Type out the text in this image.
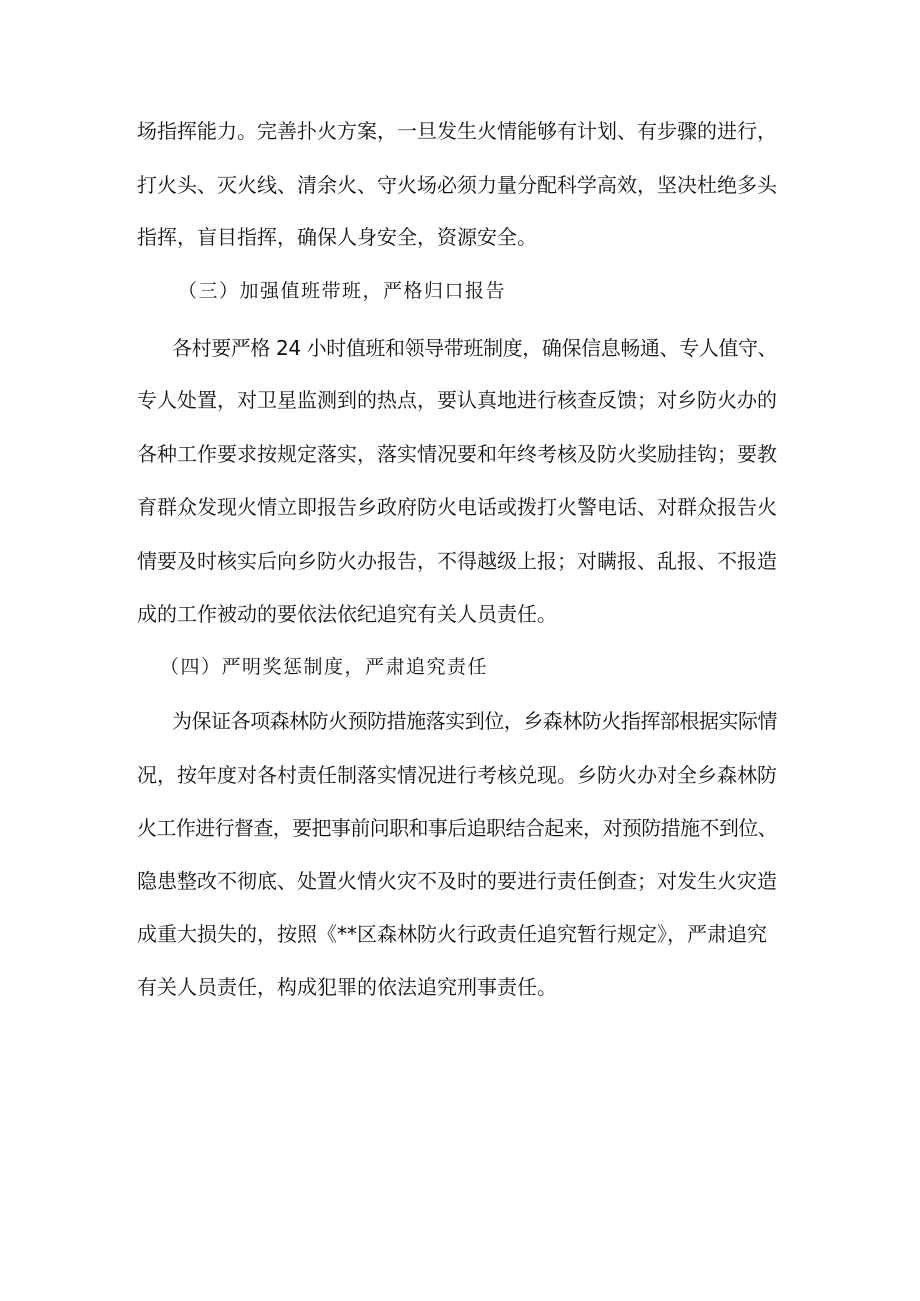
场指挥能力。完善扑火方案，一旦发生火情能够有计划、有步骤的进行，
打火头、灭火线、清余火、守火场必须力量分配科学高效，坚决杜绝多头
指挥，盲目指挥，确保人身安全，资源安全。
（三）加强值班带班，严格归口报告
各村要严格 24 小时值班和领导带班制度，确保信息畅通、专人值守、
专人处置，对卫星监测到的热点，要认真地进行核查反馈；对乡防火办的
各种工作要求按规定落实，落实情况要和年终考核及防火奖励挂钩；要教
育群众发现火情立即报告乡政府防火电话或拨打火警电话、对群众报告火
情要及时核实后向乡防火办报告，不得越级上报；对瞒报、乱报、不报造
成的工作被动的要依法依纪追究有关人员责任。
（四）严明奖惩制度，严肃追究责任
为保证各项森林防火预防措施落实到位，乡森林防火指挥部根据实际情
况，按年度对各村责任制落实情况进行考核兑现。乡防火办对全乡森林防
火工作进行督查，要把事前问职和事后追职结合起来，对预防措施不到位、
隐患整改不彻底、处置火情火灾不及时的要进行责任倒查；对发生火灾造
成重大损失的，按照《**区森林防火行政责任追究暂行规定》，严肃追究
有关人员责任，构成犯罪的依法追究刑事责任。
